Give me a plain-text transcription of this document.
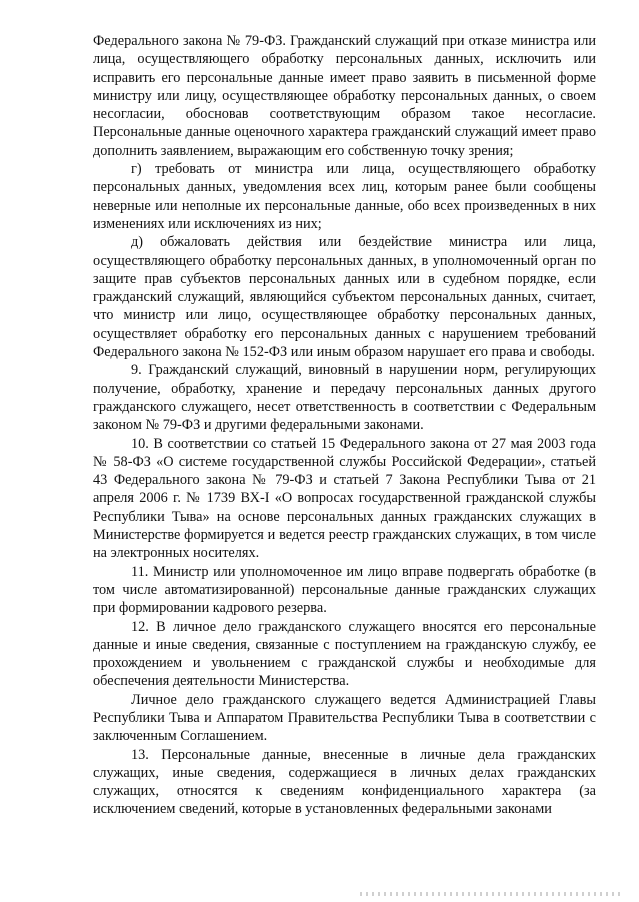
Федерального закона № 79-ФЗ. Гражданский служащий при отказе министра или лица, осуществляющего обработку персональных данных, исключить или исправить его персональные данные имеет право заявить в письменной форме министру или лицу, осуществляющее обработку персональных данных, о своем несогласии, обосновав соответствующим образом такое несогласие. Персональные данные оценочного характера гражданский служащий имеет право дополнить заявлением, выражающим его собственную точку зрения;

г) требовать от министра или лица, осуществляющего обработку персональных данных, уведомления всех лиц, которым ранее были сообщены неверные или неполные их персональные данные, обо всех произведенных в них изменениях или исключениях из них;

д) обжаловать действия или бездействие министра или лица, осуществляющего обработку персональных данных, в уполномоченный орган по защите прав субъектов персональных данных или в судебном порядке, если гражданский служащий, являющийся субъектом персональных данных, считает, что министр или лицо, осуществляющее обработку персональных данных, осуществляет обработку его персональных данных с нарушением требований Федерального закона № 152-ФЗ или иным образом нарушает его права и свободы.

9. Гражданский служащий, виновный в нарушении норм, регулирующих получение, обработку, хранение и передачу персональных данных другого гражданского служащего, несет ответственность в соответствии с Федеральным законом № 79-ФЗ и другими федеральными законами.

10. В соответствии со статьей 15 Федерального закона от 27 мая 2003 года № 58-ФЗ «О системе государственной службы Российской Федерации», статьей 43 Федерального закона № 79-ФЗ и статьей 7 Закона Республики Тыва от 21 апреля 2006 г. № 1739 ВХ-I «О вопросах государственной гражданской службы Республики Тыва» на основе персональных данных гражданских служащих в Министерстве формируется и ведется реестр гражданских служащих, в том числе на электронных носителях.

11. Министр или уполномоченное им лицо вправе подвергать обработке (в том числе автоматизированной) персональные данные гражданских служащих при формировании кадрового резерва.

12. В личное дело гражданского служащего вносятся его персональные данные и иные сведения, связанные с поступлением на гражданскую службу, ее прохождением и увольнением с гражданской службы и необходимые для обеспечения деятельности Министерства.

Личное дело гражданского служащего ведется Администрацией Главы Республики Тыва и Аппаратом Правительства Республики Тыва в соответствии с заключенным Соглашением.

13. Персональные данные, внесенные в личные дела гражданских служащих, иные сведения, содержащиеся в личных делах гражданских служащих, относятся к сведениям конфиденциального характера (за исключением сведений, которые в установленных федеральными законами
